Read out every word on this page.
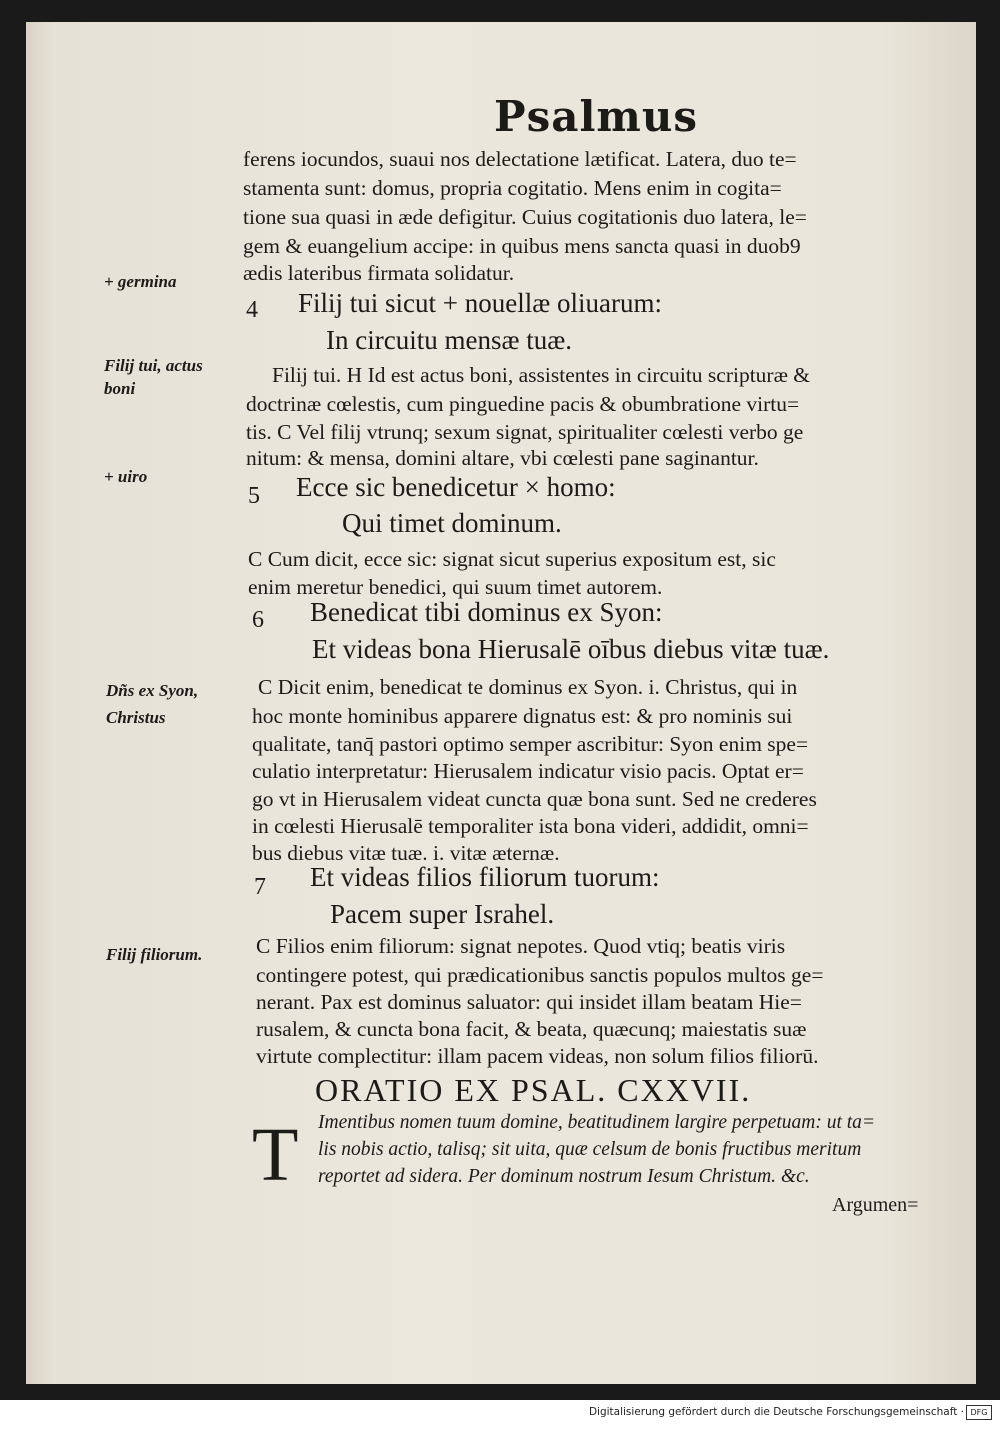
Psalmus
ferens iocundos, suaui nos delectatione lætificat. Latera, duo te=
stamenta sunt: domus, propria cogitatio. Mens enim in cogita=
tione sua quasi in æde defigitur. Cuius cogitationis duo latera, le=
gem & euangelium accipe: in quibus mens sancta quasi in duob9
ædis lateribus firmata solidatur.
4 Filij tui sicut + nouellæ oliuarum:
In circuitu mensæ tuæ.
Filij tui. H Id est actus boni, assistentes in circuitu scripturæ &
doctrinæ cœlestis, cum pinguedine pacis & obumbratione virtu=
tis. C Vel filij vtrunq; sexum signat, spiritualiter cœlesti verbo ge
nitum: & mensa, domini altare, vbi cœlesti pane saginantur.
5 Ecce sic benedicetur × homo:
Qui timet dominum.
C Cum dicit, ecce sic: signat sicut superius expositum est, sic
enim meretur benedici, qui suum timet autorem.
6 Benedicat tibi dominus ex Syon:
Et videas bona Hierusalē oībus diebus vitæ tuæ.
C Dicit enim, benedicat te dominus ex Syon. i. Christus, qui in
hoc monte hominibus apparere dignatus est: & pro nominis sui
qualitate, tanq̄ pastori optimo semper ascribitur: Syon enim spe=
culatio interpretatur: Hierusalem indicatur visio pacis. Optat er=
go vt in Hierusalem videat cuncta quæ bona sunt. Sed ne crederes
in cœlesti Hierusalē temporaliter ista bona videri, addidit, omni=
bus diebus vitæ tuæ. i. vitæ æternæ.
7 Et videas filios filiorum tuorum:
Pacem super Israhel.
C Filios enim filiorum: signat nepotes. Quod vtiq; beatis viris
contingere potest, qui prædicationibus sanctis populos multos ge=
nerant. Pax est dominus saluator: qui insidet illam beatam Hie=
rusalem, & cuncta bona facit, & beata, quæcunq; maiestatis suæ
virtute complectitur: illam pacem videas, non solum filios filiorū.
+ germina
Filij tui, actus
boni
+ uiro
Dñs ex Syon,
Christus
Filij filiorum.
ORATIO EX PSAL. CXXVII.
T Imentibus nomen tuum domine, beatitudinem largire perpetuam: ut ta=
lis nobis actio, talisq; sit uita, quæ celsum de bonis fructibus meritum
reportet ad sidera. Per dominum nostrum Iesum Christum. &c.
Argumen=
Digitalisierung gefördert durch die Deutsche Forschungsgemeinschaft · DFG
